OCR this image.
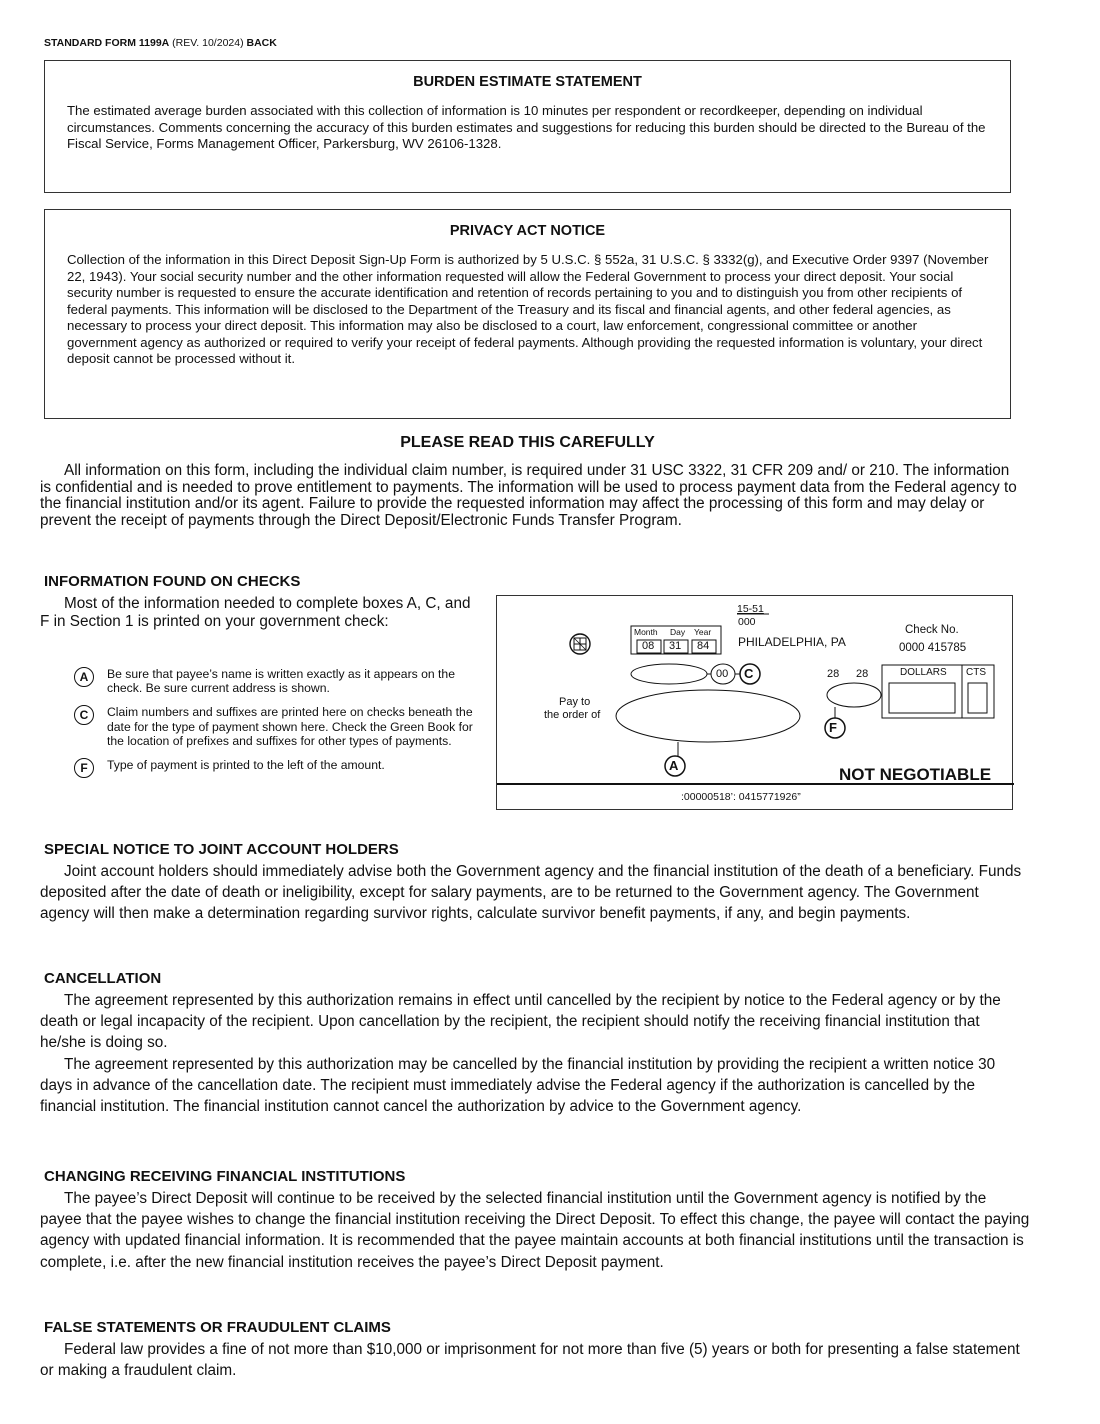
STANDARD FORM 1199A (REV. 10/2024) BACK
BURDEN ESTIMATE STATEMENT
The estimated average burden associated with this collection of information is 10 minutes per respondent or recordkeeper, depending on individual circumstances. Comments concerning the accuracy of this burden estimates and suggestions for reducing this burden should be directed to the Bureau of the Fiscal Service, Forms Management Officer, Parkersburg, WV 26106-1328.
PRIVACY ACT NOTICE
Collection of the information in this Direct Deposit Sign-Up Form is authorized by 5 U.S.C. § 552a, 31 U.S.C. § 3332(g), and Executive Order 9397 (November 22, 1943). Your social security number and the other information requested will allow the Federal Government to process your direct deposit. Your social security number is requested to ensure the accurate identification and retention of records pertaining to you and to distinguish you from other recipients of federal payments. This information will be disclosed to the Department of the Treasury and its fiscal and financial agents, and other federal agencies, as necessary to process your direct deposit. This information may also be disclosed to a court, law enforcement, congressional committee or another government agency as authorized or required to verify your receipt of federal payments. Although providing the requested information is voluntary, your direct deposit cannot be processed without it.
PLEASE READ THIS CAREFULLY
All information on this form, including the individual claim number, is required under 31 USC 3322, 31 CFR 209 and/ or 210. The information is confidential and is needed to prove entitlement to payments. The information will be used to process payment data from the Federal agency to the financial institution and/or its agent. Failure to provide the requested information may affect the processing of this form and may delay or prevent the receipt of payments through the Direct Deposit/Electronic Funds Transfer Program.
INFORMATION FOUND ON CHECKS
Most of the information needed to complete boxes A, C, and F in Section 1 is printed on your government check:
A	Be sure that payee’s name is written exactly as it appears on the check. Be sure current address is shown.
C	Claim numbers and suffixes are printed here on checks beneath the date for the type of payment shown here. Check the Green Book for the location of prefixes and suffixes for other types of payments.
F	Type of payment is printed to the left of the amount.
15-51
000
Month Day Year
08 31 84 PHILADELPHIA, PA
Check No.
0000 415785
00 C	28 28	DOLLARS CTS
F
Pay to
the order of
A	NOT NEGOTIABLE
:00000518’: 0415771926”
SPECIAL NOTICE TO JOINT ACCOUNT HOLDERS

Joint account holders should immediately advise both the Government agency and the financial institution of the death of a beneficiary. Funds deposited after the date of death or ineligibility, except for salary payments, are to be returned to the Government agency. The Government agency will then make a determination regarding survivor rights, calculate survivor benefit payments, if any, and begin payments.

CANCELLATION

The agreement represented by this authorization remains in effect until cancelled by the recipient by notice to the Federal agency or by the death or legal incapacity of the recipient. Upon cancellation by the recipient, the recipient should notify the receiving financial institution that he/she is doing so.

The agreement represented by this authorization may be cancelled by the financial institution by providing the recipient a written notice 30 days in advance of the cancellation date. The recipient must immediately advise the Federal agency if the authorization is cancelled by the financial institution. The financial institution cannot cancel the authorization by advice to the Government agency.

CHANGING RECEIVING FINANCIAL INSTITUTIONS

The payee’s Direct Deposit will continue to be received by the selected financial institution until the Government agency is notified by the payee that the payee wishes to change the financial institution receiving the Direct Deposit. To effect this change, the payee will contact the paying agency with updated financial information. It is recommended that the payee maintain accounts at both financial institutions until the transaction is complete, i.e. after the new financial institution receives the payee’s Direct Deposit payment.

FALSE STATEMENTS OR FRAUDULENT CLAIMS

Federal law provides a fine of not more than $10,000 or imprisonment for not more than five (5) years or both for presenting a false statement or making a fraudulent claim.
